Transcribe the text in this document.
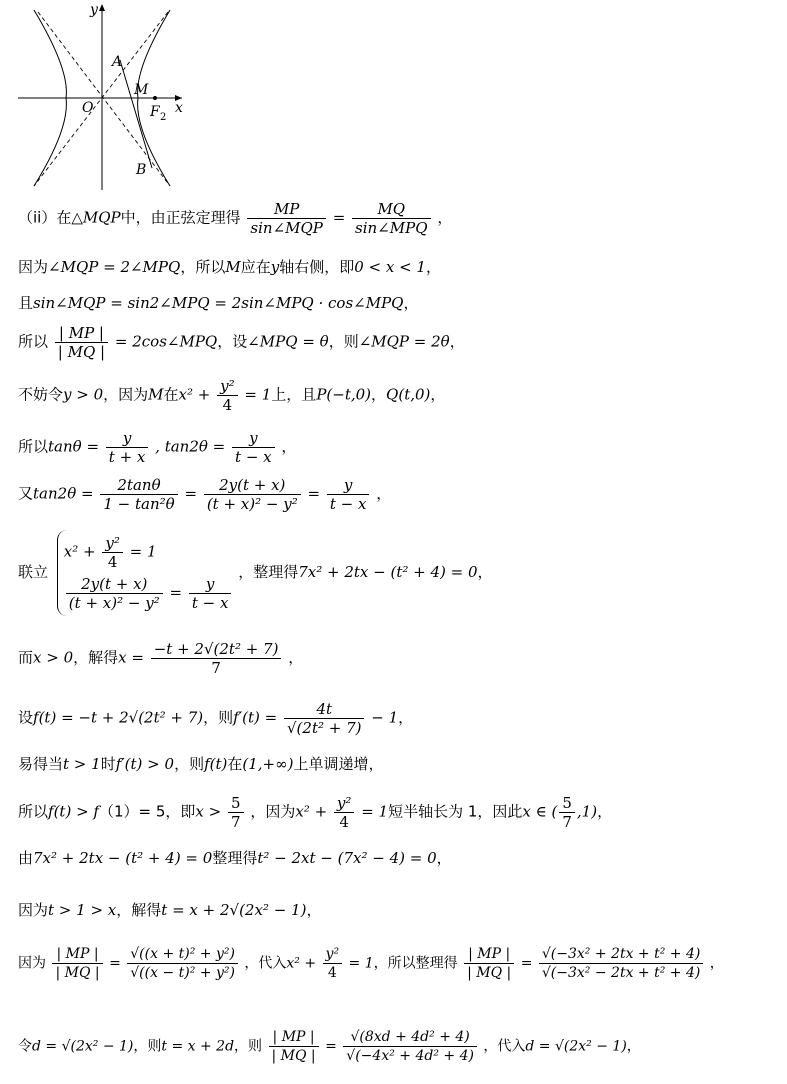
y
x
A
M
O	F 2
B
（ii）在△MQP中，由正弦定理得 $\frac{MP}{\text{sin∠MQP}} = \frac{MQ}{\text{sin∠MPQ}}$ ，
因为∠MQP = 2∠MPQ，所以M应在y轴右侧，即0 < x < 1，
且sin∠MQP = sin2∠MPQ = 2sin∠MPQ · cos∠MPQ，
所以 $\frac{| MP |}{| MQ |}$ = 2cos∠MPQ，设∠MPQ = θ，则∠MQP = 2θ，
不妨令y > 0，因为M在$x^2 + \frac{\text{y²}}{4} = 1$上，且P(−t,0)，Q(t,0)，
所以$\tan\theta = \frac{y}{t + x}$ , $\tan 2\theta = \frac{y}{t - x}$ ，
又$\tan 2\theta = \frac{2\tan\theta}{\text{1 − tan²θ}} = \frac{2y(t + x)}{\text{(t + x)² − y²}} = \frac{y}{t - x}$ ，
联立
$x^2 + \frac{\text{y²}}{4} = 1$
$\frac{2y(t + x)}{\text{(t + x)² − y²}} = \frac{y}{t - x}$
，整理得7x² + 2tx − (t² + 4) = 0，
而x > 0，解得$x = \frac{\text{−t + 2√(2t² + 7)}}{7}$ ，
设f(t) = −t + 2√(2t² + 7)，则$f'(t) = \frac{4t}{\text{√(2t² + 7)}} - 1$，
易得当t > 1时f′(t) > 0，则f(t)在(1,+∞)上单调递增，
所以f(t) > f（1）= 5，即$x > \frac{5}{7}$ ，因为$x^2 + \frac{\text{y²}}{4} = 1$短半轴长为 1，因此x ∈ ( $\frac{5}{7} ,1$)，
由7x² + 2tx − (t² + 4) = 0整理得t² − 2xt − (7x² − 4) = 0，
因为t > 1 > x，解得t = x + 2√(2x² − 1)，
因为 $\frac{| MP |}{| MQ |} = \frac{\text{√((x + t)² + y²)}}{\text{√((x − t)² + y²)}}$ ，代入$x^2 + \frac{\text{y²}}{4} = 1$，所以整理得 $\frac{| MP |}{| MQ |} = \frac{\text{√(−3x² + 2tx + t² + 4)}}{\text{√(−3x² − 2tx + t² + 4)}}$ ，
令d = √(2x² − 1)，则t = x + 2d，则 $\frac{| MP |}{| MQ |} = \frac{\text{√(8xd + 4d² + 4)}}{\text{√(−4x² + 4d² + 4)}}$ ，代入d = √(2x² − 1)，
